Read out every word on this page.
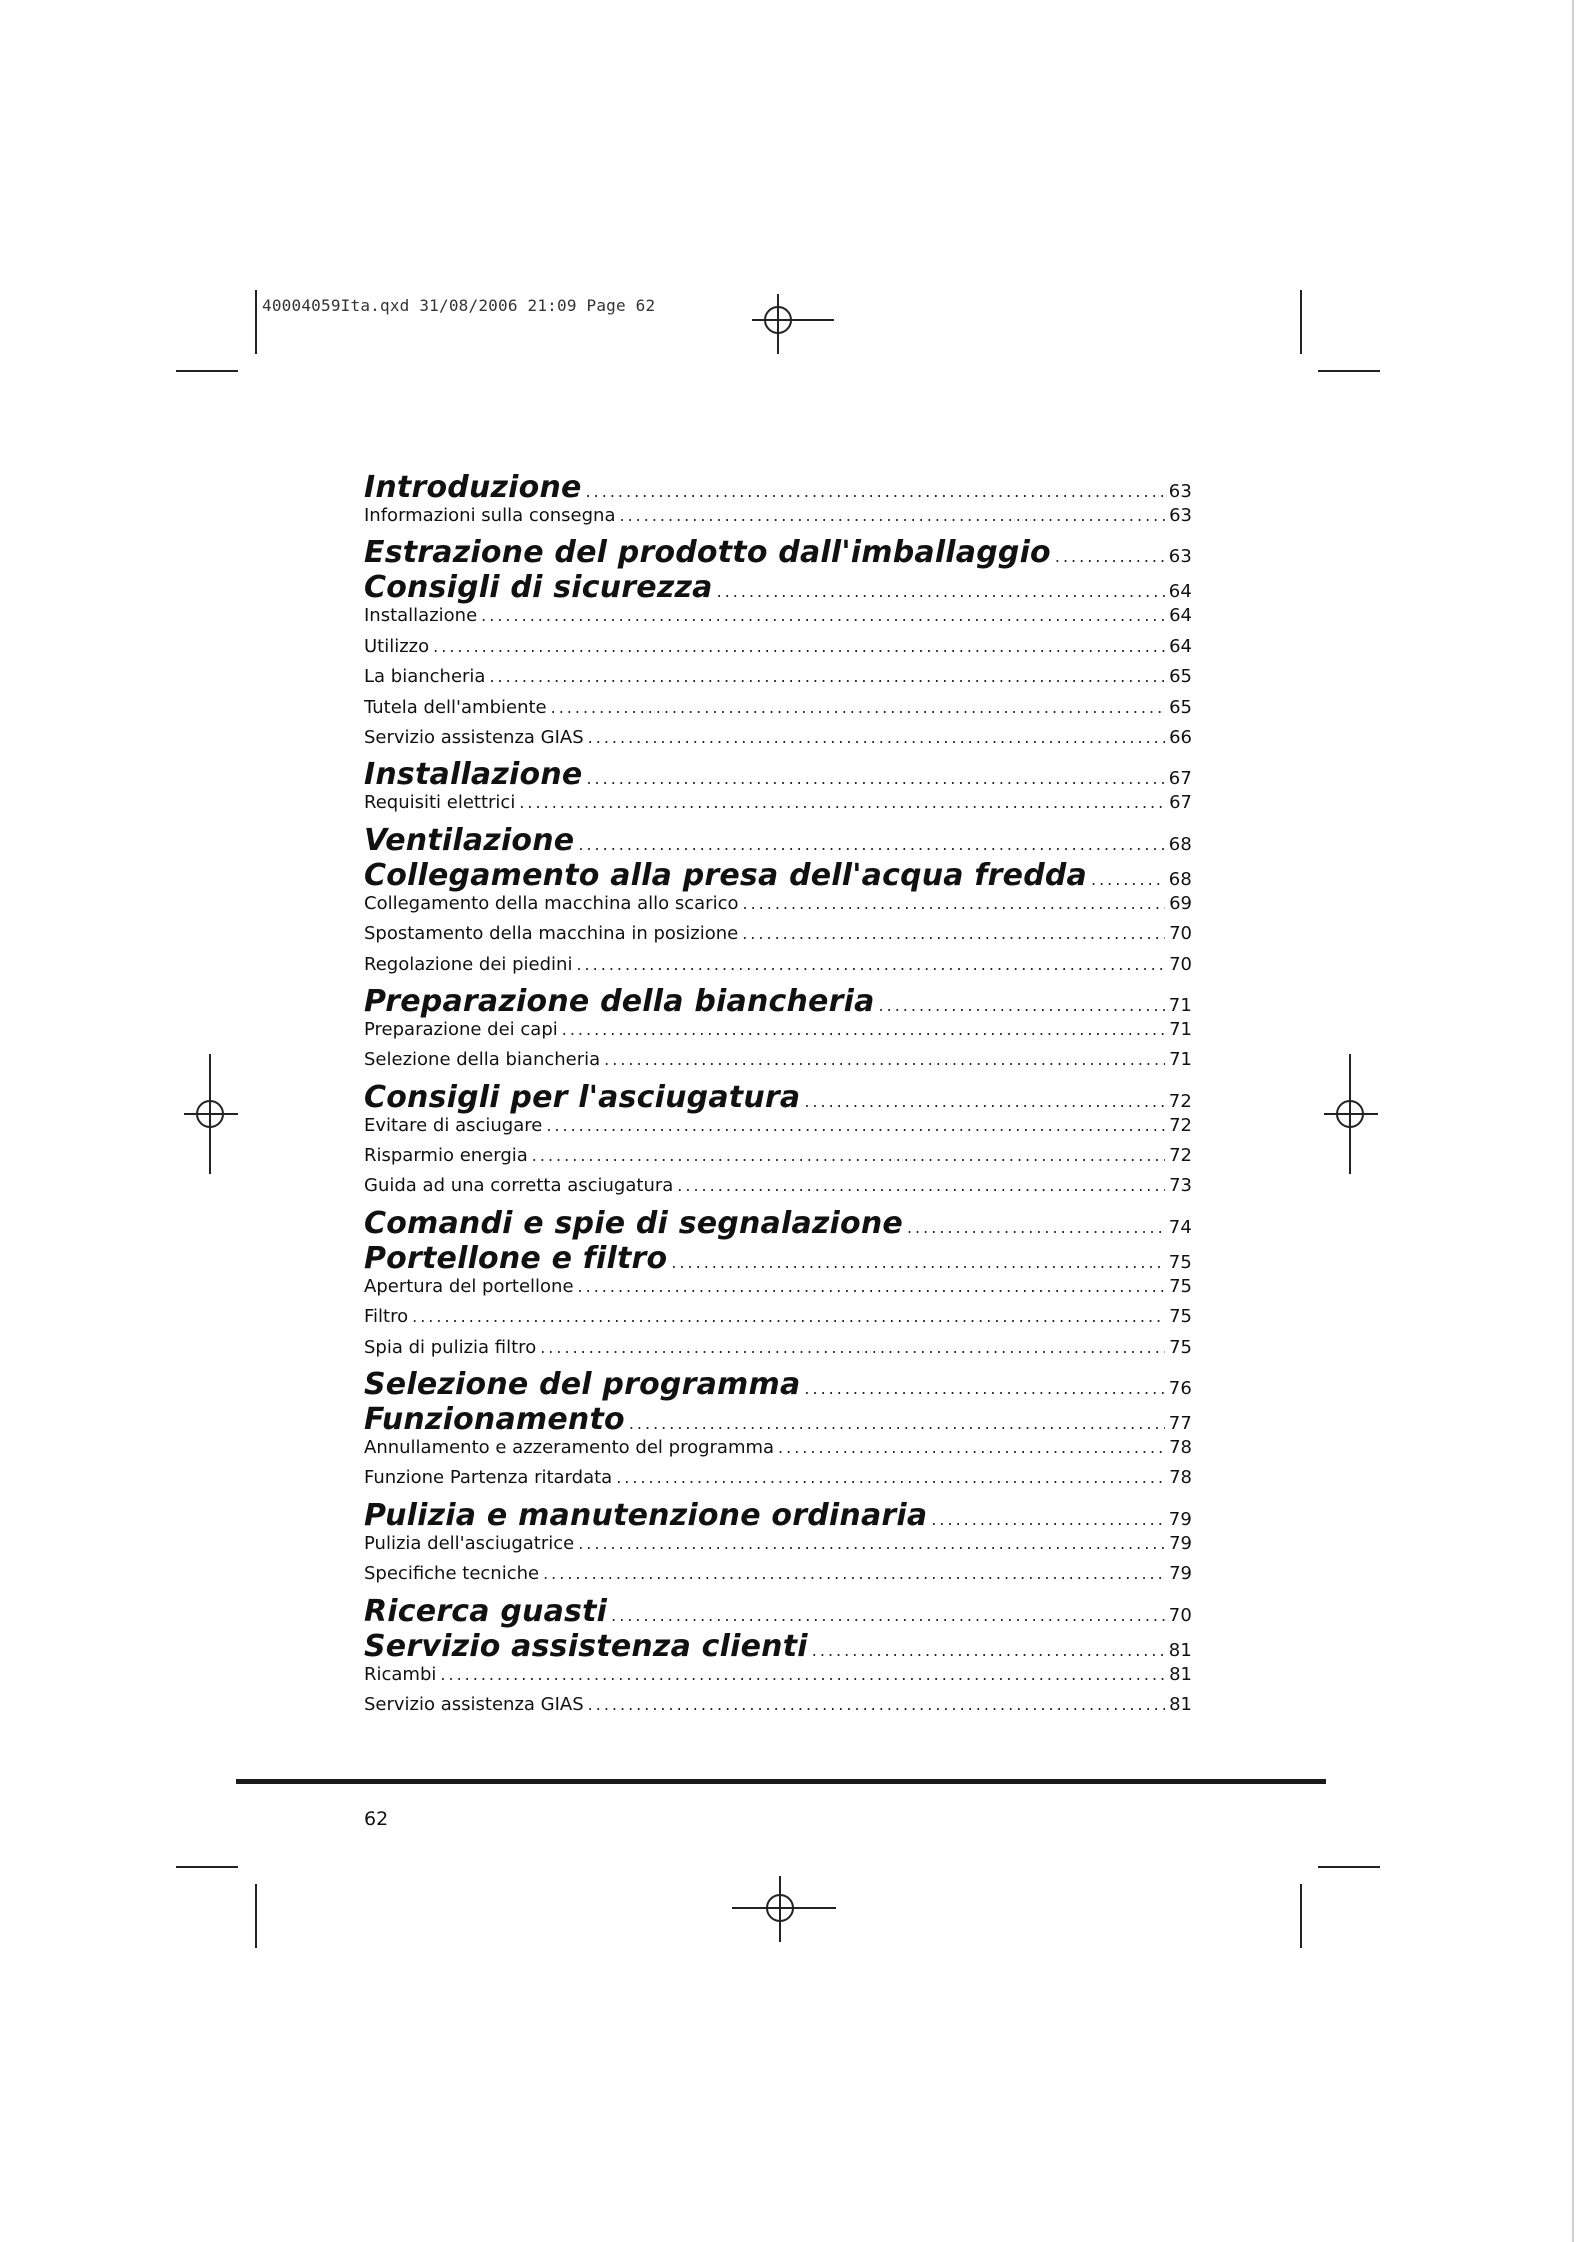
40004059Ita.qxd 31/08/2006 21:09 Page 62
Introduzione .....	63
Informazioni sulla consegna .....	63
Estrazione del prodotto dall'imballaggio .....	63
Consigli di sicurezza .....	64
Installazione .....	64
Utilizzo .....	64
La biancheria .....	65
Tutela dell'ambiente .....	65
Servizio assistenza GIAS .....	66
Installazione .....	67
Requisiti elettrici .....	67
Ventilazione .....	68
Collegamento alla presa dell'acqua fredda .....	68
Collegamento della macchina allo scarico .....	69
Spostamento della macchina in posizione .....	70
Regolazione dei piedini .....	70
Preparazione della biancheria .....	71
Preparazione dei capi .....	71
Selezione della biancheria .....	71
Consigli per l'asciugatura .....	72
Evitare di asciugare .....	72
Risparmio energia .....	72
Guida ad una corretta asciugatura .....	73
Comandi e spie di segnalazione .....	74
Portellone e filtro .....	75
Apertura del portellone .....	75
Filtro .....	75
Spia di pulizia filtro .....	75
Selezione del programma .....	76
Funzionamento .....	77
Annullamento e azzeramento del programma .....	78
Funzione Partenza ritardata .....	78
Pulizia e manutenzione ordinaria .....	79
Pulizia dell'asciugatrice .....	79
Specifiche tecniche .....	79
Ricerca guasti .....	70
Servizio assistenza clienti .....	81
Ricambi .....	81
Servizio assistenza GIAS .....	81
62
